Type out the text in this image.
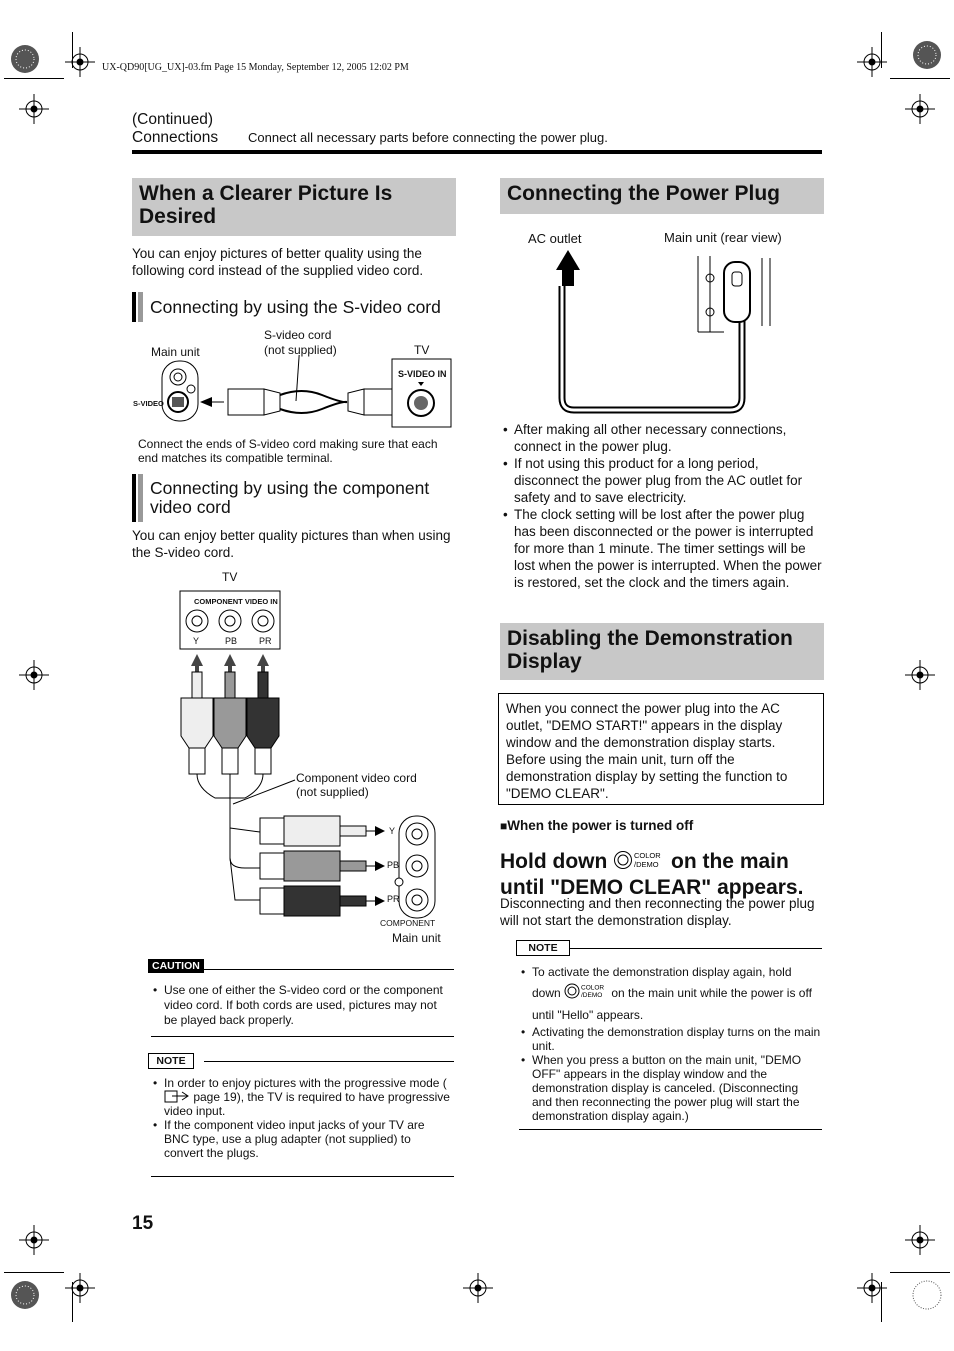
UX-QD90[UG_UX]-03.fm Page 15 Monday, September 12, 2005 12:02 PM
(Continued)
Connections Connect all necessary parts before connecting the power plug.
When a Clearer Picture Is Desired
You can enjoy pictures of better quality using the following cord instead of the supplied video cord.
Connecting by using the S-video cord
Main unit
S-video cord
(not supplied)	TV
S-VIDEO
S-VIDEO IN
Connect the ends of S-video cord making sure that each end matches its compatible terminal.
Connecting by using the component video cord
You can enjoy better quality pictures than when using the S-video cord.
TV
COMPONENT VIDEO IN
Y	PB PR
Component video cord
(not supplied)
Y
PB
PR
COMPONENT
Main unit
CAUTION
• Use one of either the S-video cord or the component video cord. If both cords are used, pictures may not be played back properly.
NOTE
• In order to enjoy pictures with the progressive mode ( page 19), the TV is required to have progressive video input.
• If the component video input jacks of your TV are BNC type, use a plug adapter (not supplied) to convert the plugs.
Connecting the Power Plug
AC outlet	Main unit (rear view)
• After making all other necessary connections, connect in the power plug.
• If not using this product for a long period, disconnect the power plug from the AC outlet for safety and to save electricity.
• The clock setting will be lost after the power plug has been disconnected or the power is interrupted for more than 1 minute. The timer settings will be lost when the power is interrupted. When the power is restored, set the clock and the timers again.
Disabling the Demonstration Display
When you connect the power plug into the AC outlet, "DEMO START!" appears in the display window and the demonstration display starts. Before using the main unit, turn off the demonstration display by setting the function to "DEMO CLEAR".
■When the power is turned off
Hold down	COLOR
/DEMO on the main
until "DEMO CLEAR" appears.
Disconnecting and then reconnecting the power plug will not start the demonstration display.
NOTE
• To activate the demonstration display again, hold down	COLOR
/DEMO on the main unit while the power is off until "Hello" appears.
• Activating the demonstration display turns on the main unit.
• When you press a button on the main unit, "DEMO OFF" appears in the display window and the demonstration display is canceled. (Disconnecting and then reconnecting the power plug will start the demonstration display again.)
15
